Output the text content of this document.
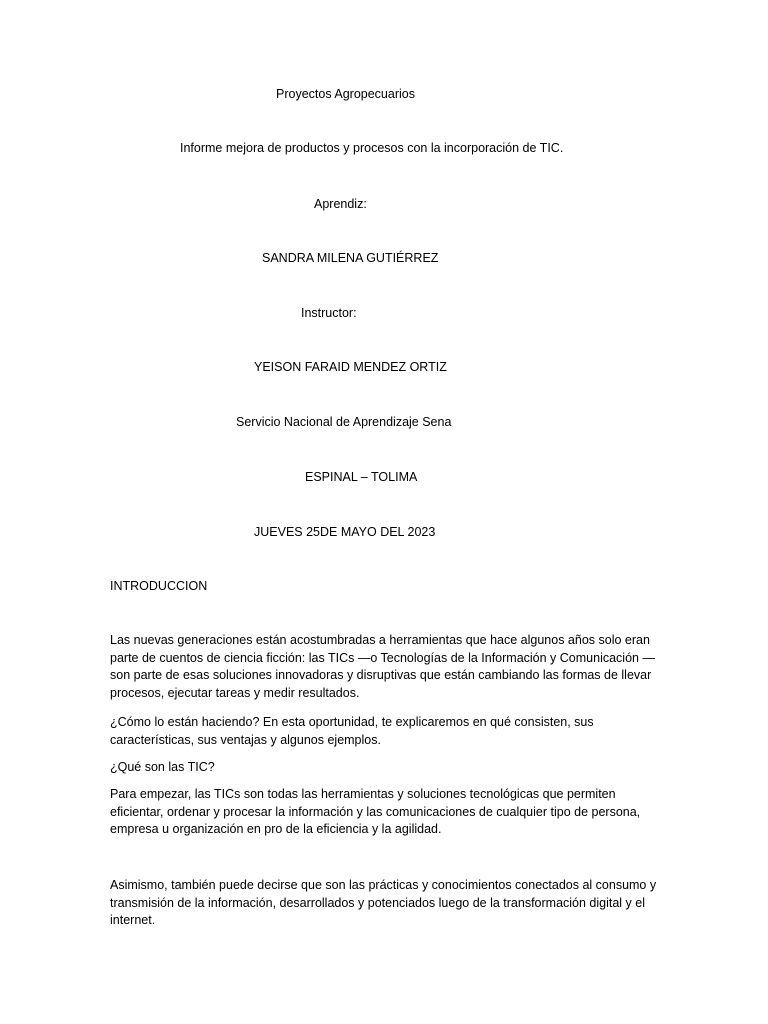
Proyectos Agropecuarios
Informe mejora de productos y procesos con la incorporación de TIC.
Aprendiz:
SANDRA MILENA GUTIÉRREZ
Instructor:
YEISON FARAID MENDEZ ORTIZ
Servicio Nacional de Aprendizaje Sena
ESPINAL – TOLIMA
JUEVES 25DE MAYO DEL 2023
INTRODUCCION

Las nuevas generaciones están acostumbradas a herramientas que hace algunos años solo eran parte de cuentos de ciencia ficción: las TICs —o Tecnologías de la Información y Comunicación — son parte de esas soluciones innovadoras y disruptivas que están cambiando las formas de llevar procesos, ejecutar tareas y medir resultados.

¿Cómo lo están haciendo? En esta oportunidad, te explicaremos en qué consisten, sus características, sus ventajas y algunos ejemplos.

¿Qué son las TIC?

Para empezar, las TICs son todas las herramientas y soluciones tecnológicas que permiten eficientar, ordenar y procesar la información y las comunicaciones de cualquier tipo de persona, empresa u organización en pro de la eficiencia y la agilidad.

Asimismo, también puede decirse que son las prácticas y conocimientos conectados al consumo y transmisión de la información, desarrollados y potenciados luego de la transformación digital y el internet.
